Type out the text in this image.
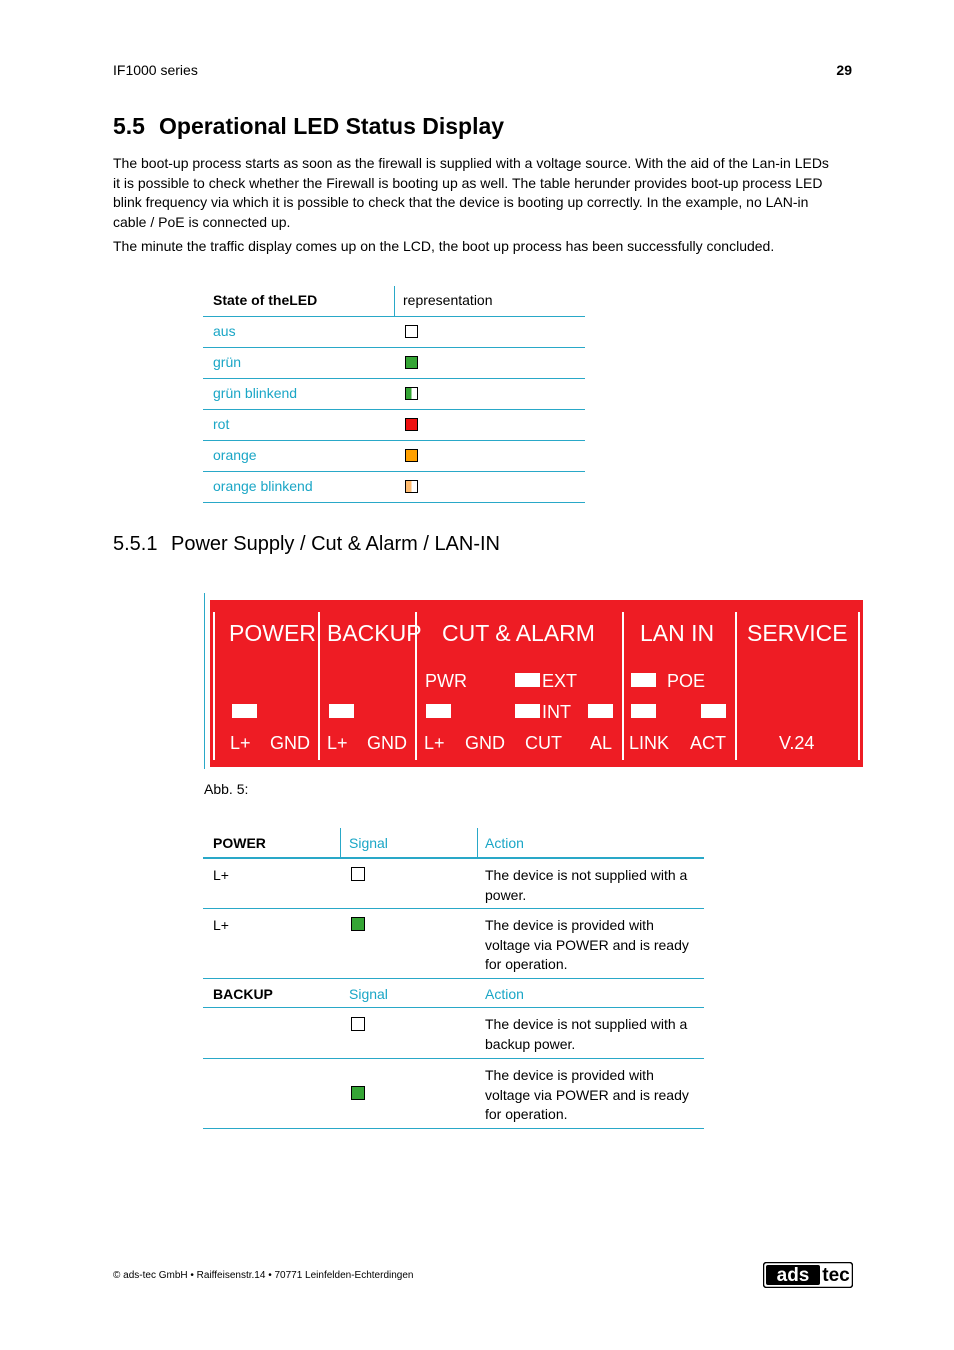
IF1000 series	29
5.5 Operational LED Status Display
The boot-up process starts as soon as the firewall is supplied with a voltage source. With the aid of the Lan-in LEDs it is possible to check whether the Firewall is booting up as well. The table herunder provides boot-up process LED blink frequency via which it is possible to check that the device is booting up correctly. In the example, no LAN-in cable / PoE is connected up.
The minute the traffic display comes up on the LCD, the boot up process has been successfully concluded.
State of theLED	representation
aus
grün
grün blinkend
rot
orange
orange blinkend
5.5.1 Power Supply / Cut & Alarm / LAN-IN
POWER BACKUP CUT & ALARM LAN IN SERVICE
L+ GND L+ GND
PWR	EXT
INT
L+ GND CUT AL
POE
LINK ACT	V.24
Abb. 5:
POWER	Signal	Action
L+	The device is not supplied with a power.
L+	The device is provided with voltage via POWER and is ready for operation.
BACKUP	Signal	Action
The device is not supplied with a backup power.
The device is provided with voltage via POWER and is ready for operation.
© ads-tec GmbH • Raiffeisenstr.14 • 70771 Leinfelden-Echterdingen	ads tec
